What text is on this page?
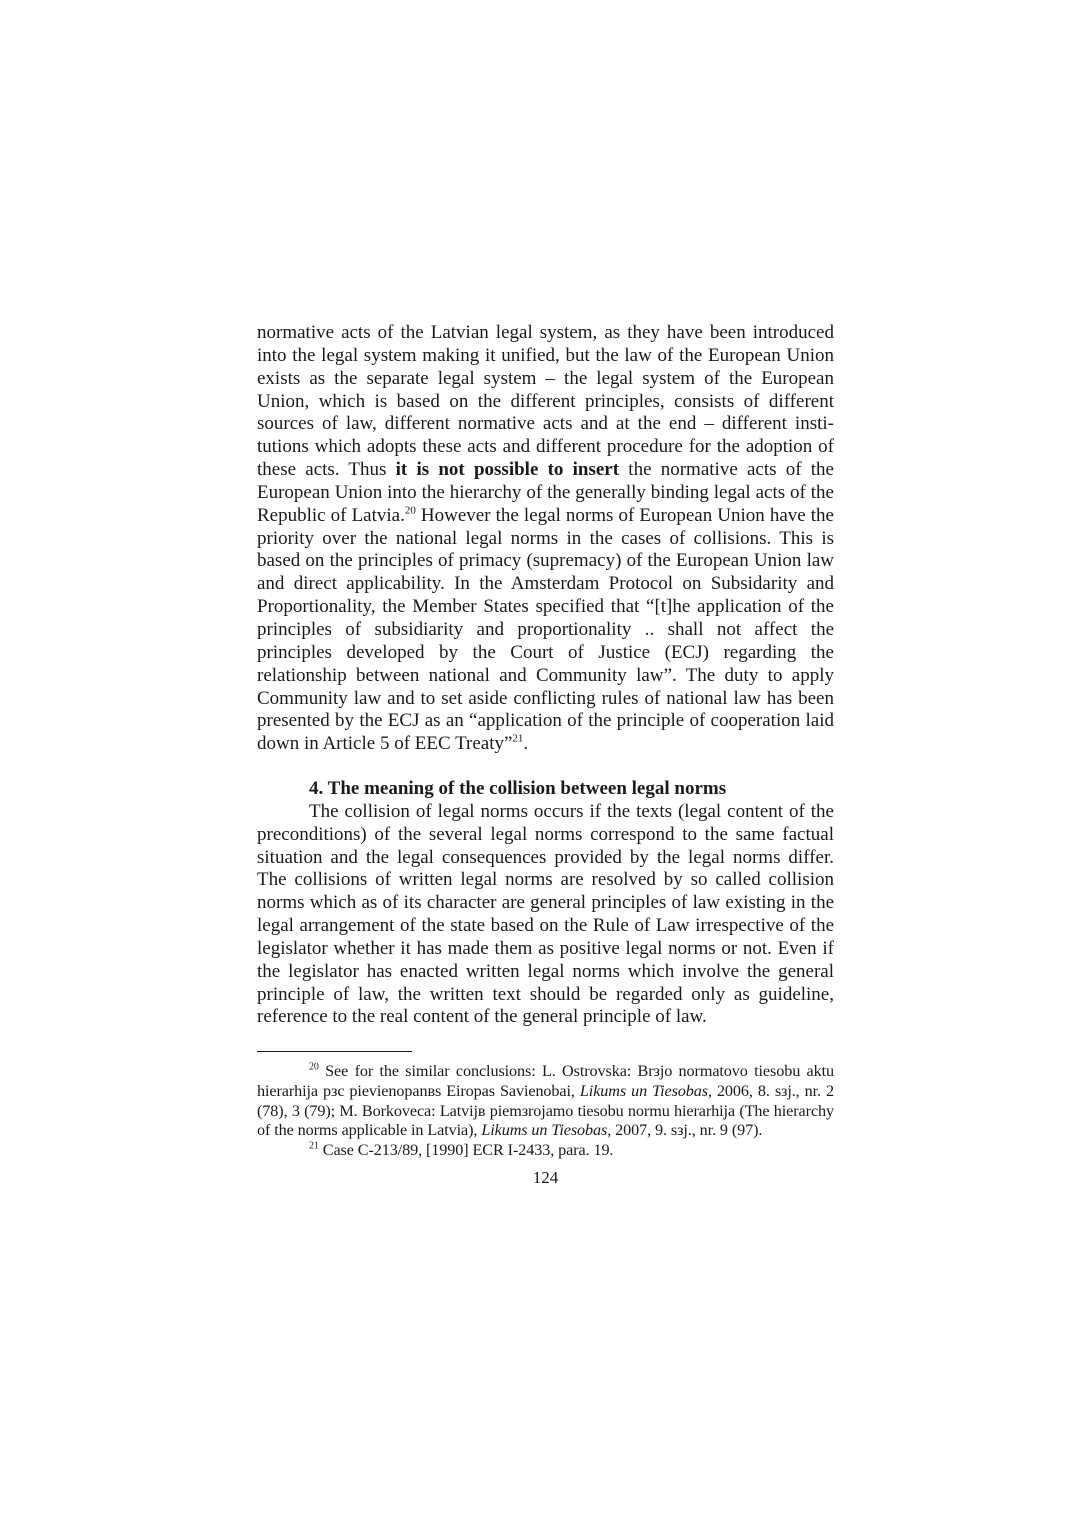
normative acts of the Latvian legal system, as they have been introduced into the legal system making it unified, but the law of the European Union exists as the separate legal system – the legal system of the European Union, which is based on the different principles, consists of different sources of law, different normative acts and at the end – different institutions which adopts these acts and different procedure for the adoption of these acts. Thus it is not possible to insert the normative acts of the European Union into the hierarchy of the generally binding legal acts of the Republic of Latvia.$^{20}$ However the legal norms of European Union have the priority over the national legal norms in the cases of collisions. This is based on the principles of primacy (supremacy) of the European Union law and direct applicability. In the Amsterdam Protocol on Subsidarity and Proportionality, the Member States specified that “[t]he application of the principles of subsidiarity and proportionality .. shall not affect the principles developed by the Court of Justice (ECJ) regarding the relationship between national and Community law”. The duty to apply Community law and to set aside conflicting rules of national law has been presented by the ECJ as an “application of the principle of cooperation laid down in Article 5 of EEC Treaty”$^{21}$.

4. The meaning of the collision between legal norms

The collision of legal norms occurs if the texts (legal content of the preconditions) of the several legal norms correspond to the same factual situation and the legal consequences provided by the legal norms differ. The collisions of written legal norms are resolved by so called collision norms which as of its character are general principles of law existing in the legal arrangement of the state based on the Rule of Law irrespective of the legislator whether it has made them as positive legal norms or not. Even if the legislator has enacted written legal norms which involve the general principle of law, the written text should be regarded only as guideline, reference to the real content of the general principle of law.

$^{20}$ See for the similar conclusions: L. Ostrovska: Brзjo normatovo tiesobu aktu hierarhija pзc pievienopanвs Eiropas Savienobai, Likums un Tiesobas, 2006, 8. sзj., nr. 2 (78), 3 (79); M. Borkoveca: Latvijв piemзrojamo tiesobu normu hierarhija (The hierarchy of the norms applicable in Latvia), Likums un Tiesobas, 2007, 9. sзj., nr. 9 (97).

$^{21}$ Case C-213/89, [1990] ECR I-2433, para. 19.

124
